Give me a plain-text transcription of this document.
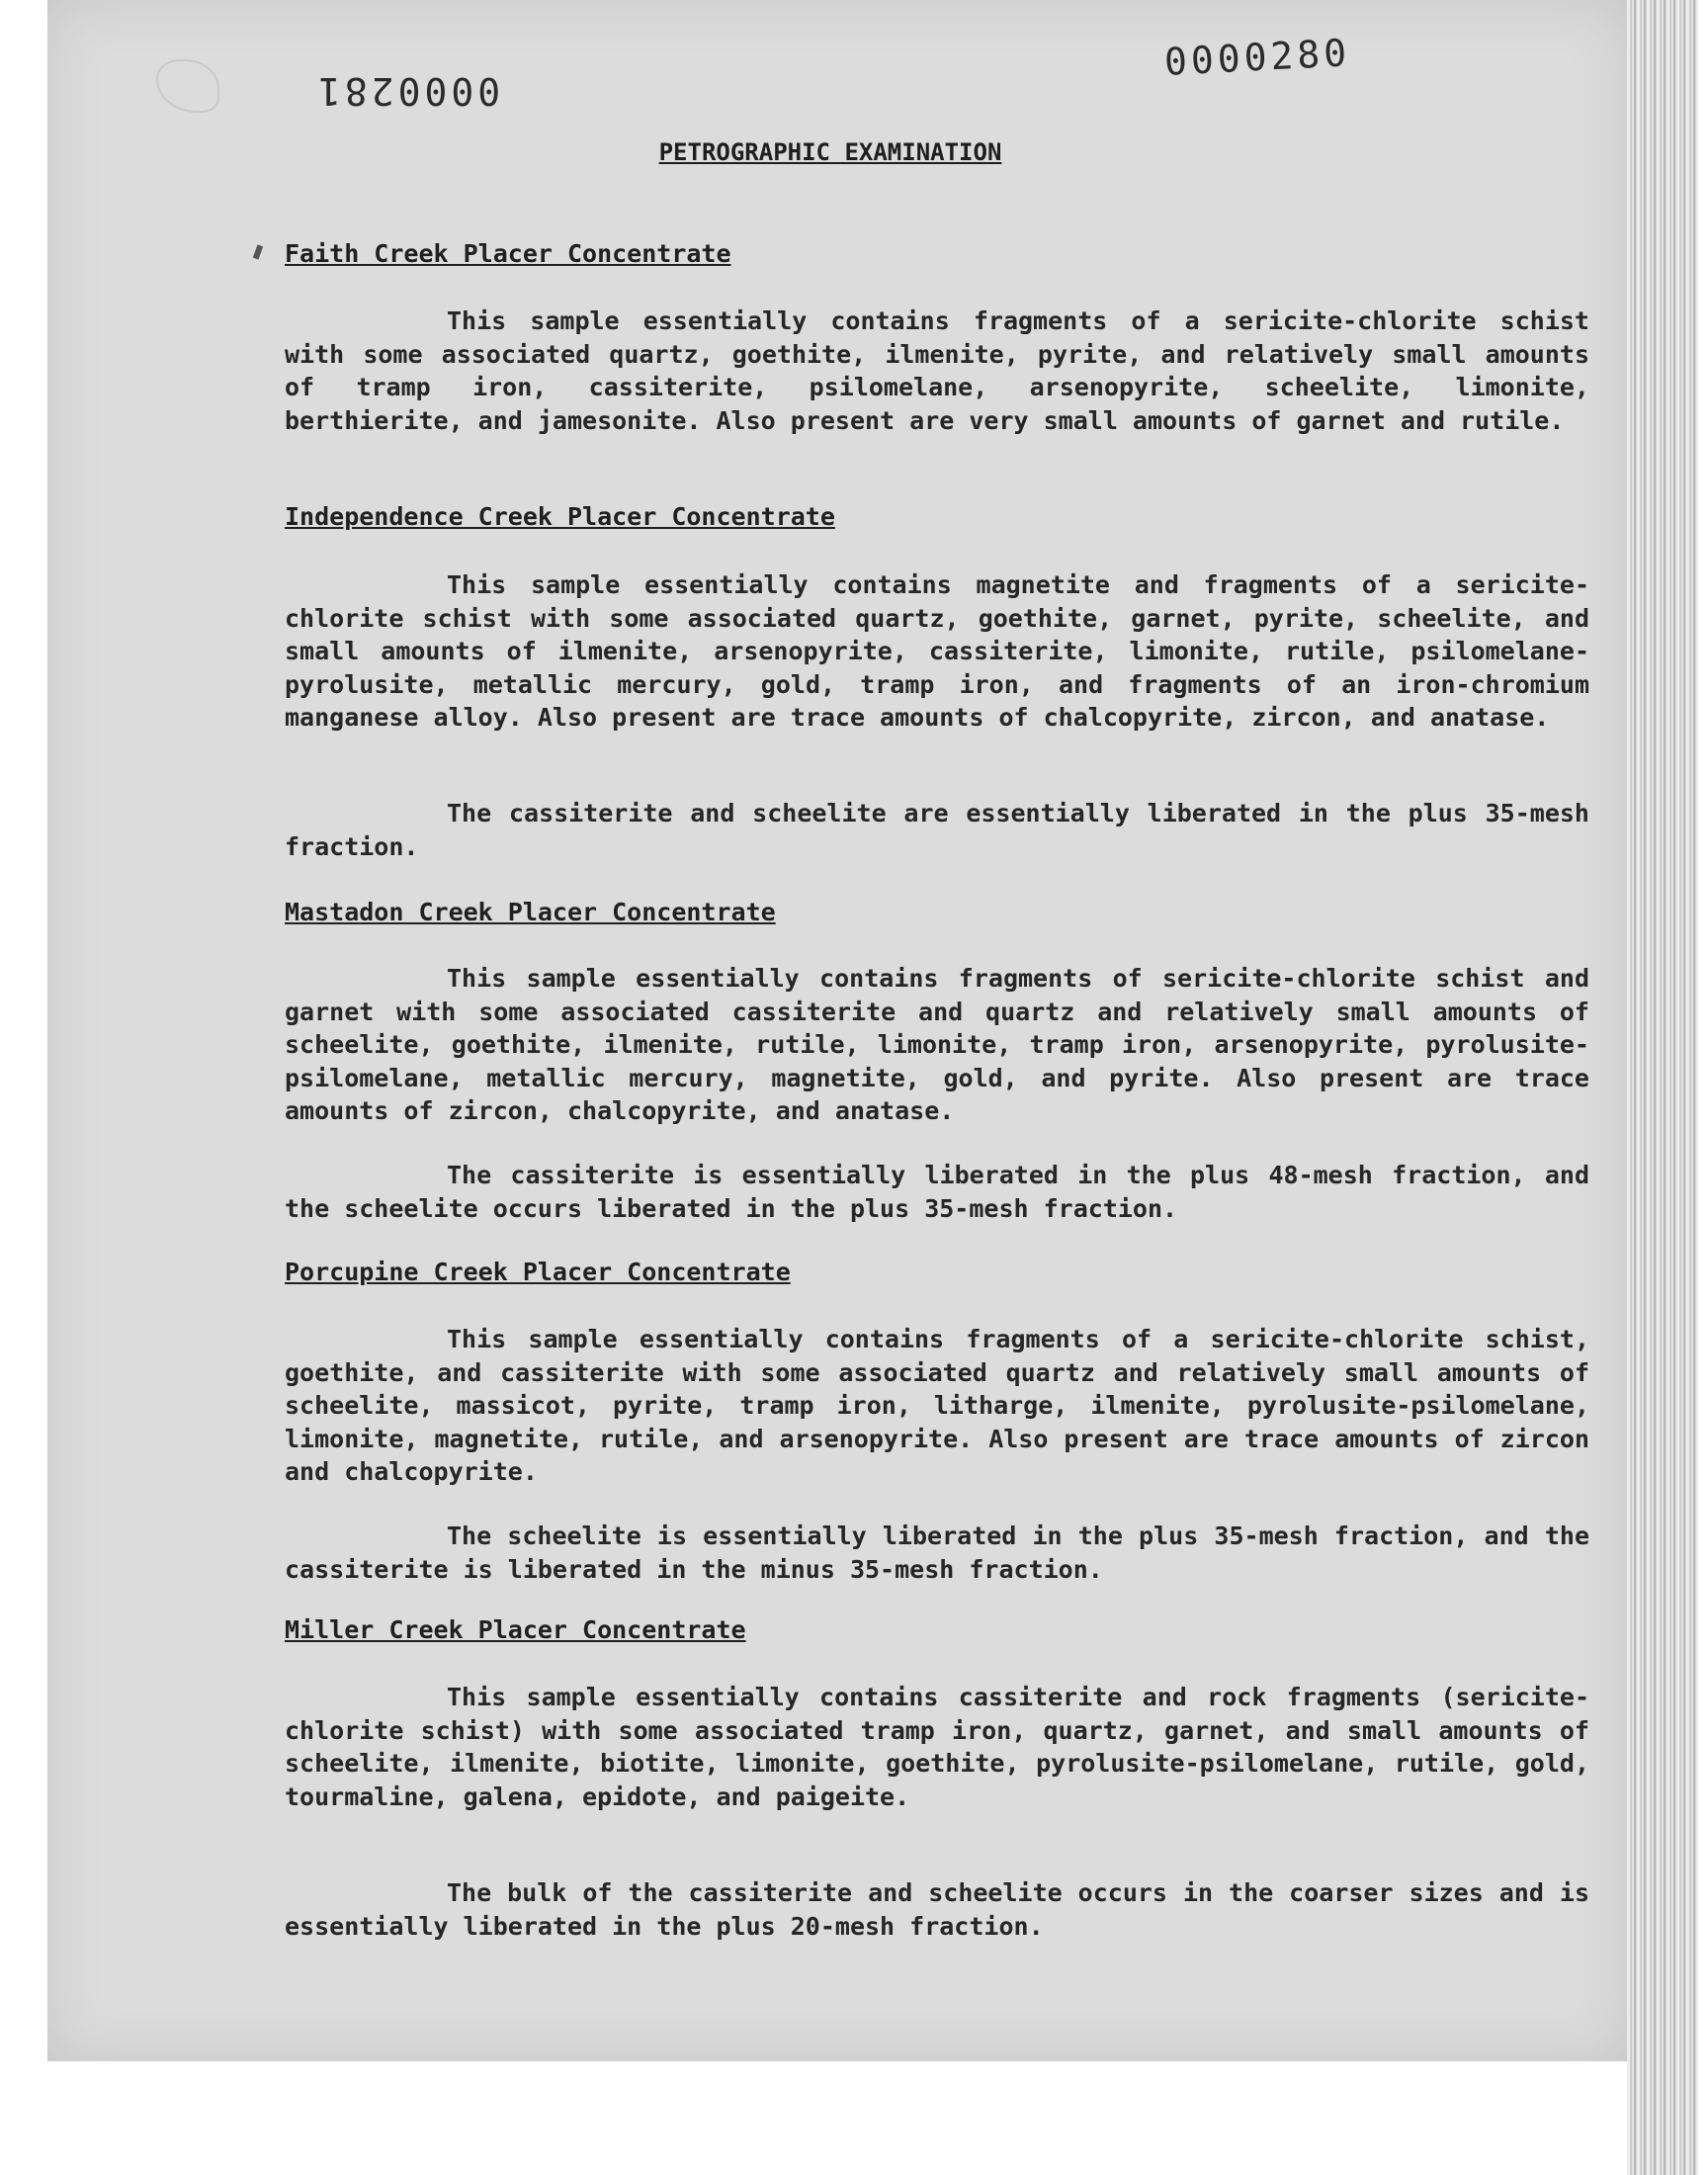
0000281
0000280
PETROGRAPHIC EXAMINATION
Faith Creek Placer Concentrate

This sample essentially contains fragments of a sericite-chlorite schist with some associated quartz, goethite, ilmenite, pyrite, and relatively small amounts of tramp iron, cassiterite, psilomelane, arsenopyrite, scheelite, limonite, berthierite, and jamesonite. Also present are very small amounts of garnet and rutile.

Independence Creek Placer Concentrate

This sample essentially contains magnetite and fragments of a sericite-chlorite schist with some associated quartz, goethite, garnet, pyrite, scheelite, and small amounts of ilmenite, arsenopyrite, cassiterite, limonite, rutile, psilomelane-pyrolusite, metallic mercury, gold, tramp iron, and fragments of an iron-chromium manganese alloy. Also present are trace amounts of chalcopyrite, zircon, and anatase.

The cassiterite and scheelite are essentially liberated in the plus 35-mesh fraction.

Mastadon Creek Placer Concentrate

This sample essentially contains fragments of sericite-chlorite schist and garnet with some associated cassiterite and quartz and relatively small amounts of scheelite, goethite, ilmenite, rutile, limonite, tramp iron, arsenopyrite, pyrolusite-psilomelane, metallic mercury, magnetite, gold, and pyrite. Also present are trace amounts of zircon, chalcopyrite, and anatase.

The cassiterite is essentially liberated in the plus 48-mesh fraction, and the scheelite occurs liberated in the plus 35-mesh fraction.

Porcupine Creek Placer Concentrate

This sample essentially contains fragments of a sericite-chlorite schist, goethite, and cassiterite with some associated quartz and relatively small amounts of scheelite, massicot, pyrite, tramp iron, litharge, ilmenite, pyrolusite-psilomelane, limonite, magnetite, rutile, and arsenopyrite. Also present are trace amounts of zircon and chalcopyrite.

The scheelite is essentially liberated in the plus 35-mesh fraction, and the cassiterite is liberated in the minus 35-mesh fraction.

Miller Creek Placer Concentrate

This sample essentially contains cassiterite and rock fragments (sericite-chlorite schist) with some associated tramp iron, quartz, garnet, and small amounts of scheelite, ilmenite, biotite, limonite, goethite, pyrolusite-psilomelane, rutile, gold, tourmaline, galena, epidote, and paigeite.

The bulk of the cassiterite and scheelite occurs in the coarser sizes and is essentially liberated in the plus 20-mesh fraction.
